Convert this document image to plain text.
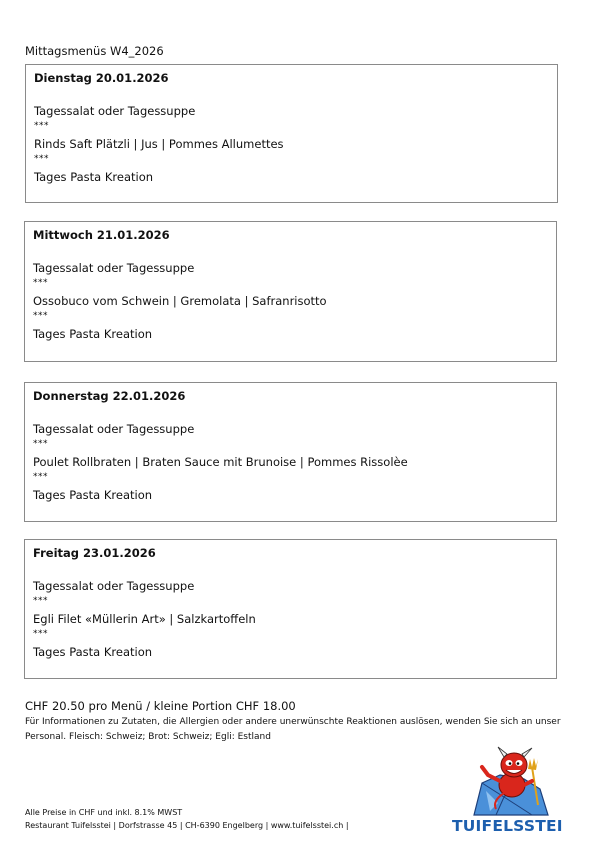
Mittagsmenüs W4_2026
Dienstag 20.01.2026
Tagessalat oder Tagessuppe
***
Rinds Saft Plätzli | Jus | Pommes Allumettes
***
Tages Pasta Kreation
Mittwoch 21.01.2026
Tagessalat oder Tagessuppe
***
Ossobuco vom Schwein | Gremolata | Safranrisotto
***
Tages Pasta Kreation
Donnerstag 22.01.2026
Tagessalat oder Tagessuppe
***
Poulet Rollbraten | Braten Sauce mit Brunoise | Pommes Rissolèe
***
Tages Pasta Kreation
Freitag 23.01.2026
Tagessalat oder Tagessuppe
***
Egli Filet «Müllerin Art» | Salzkartoffeln
***
Tages Pasta Kreation
CHF 20.50 pro Menü / kleine Portion CHF 18.00
Für Informationen zu Zutaten, die Allergien oder andere unerwünschte Reaktionen auslösen, wenden Sie sich an unser Personal. Fleisch: Schweiz; Brot: Schweiz; Egli: Estland
Alle Preise in CHF und inkl. 8.1% MWST
Restaurant Tuifelsstei | Dorfstrasse 45 | CH-6390 Engelberg | www.tuifelsstei.ch |	TUIFELSSTEI
